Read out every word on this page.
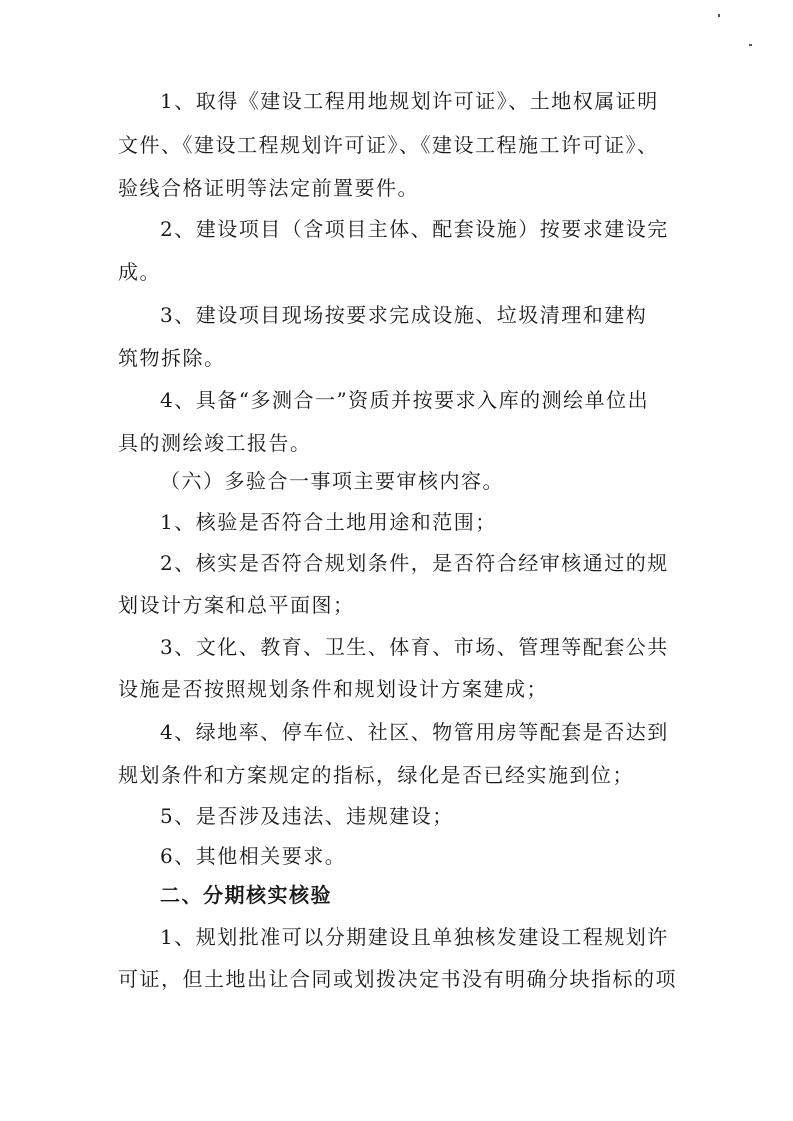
1、取得《建设工程用地规划许可证》、土地权属证明
文件、《建设工程规划许可证》、《建设工程施工许可证》、
验线合格证明等法定前置要件。
2、建设项目（含项目主体、配套设施）按要求建设完
成。
3、建设项目现场按要求完成设施、垃圾清理和建构
筑物拆除。
4、具备“多测合一”资质并按要求入库的测绘单位出
具的测绘竣工报告。
（六）多验合一事项主要审核内容。
1、核验是否符合土地用途和范围；
2、核实是否符合规划条件，是否符合经审核通过的规
划设计方案和总平面图；
3、文化、教育、卫生、体育、市场、管理等配套公共
设施是否按照规划条件和规划设计方案建成；
4、绿地率、停车位、社区、物管用房等配套是否达到
规划条件和方案规定的指标，绿化是否已经实施到位；
5、是否涉及违法、违规建设；
6、其他相关要求。
二、分期核实核验
1、规划批准可以分期建设且单独核发建设工程规划许
可证，但土地出让合同或划拨决定书没有明确分块指标的项
